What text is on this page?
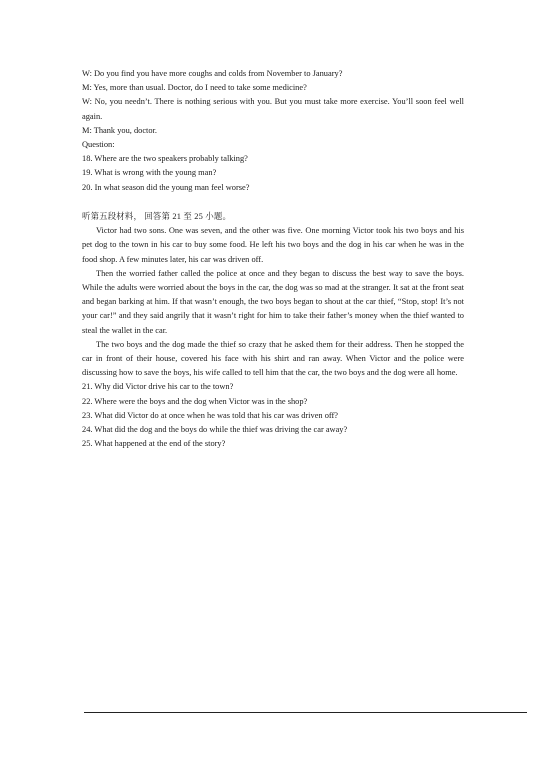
W: Do you find you have more coughs and colds from November to January?
M: Yes, more than usual. Doctor, do I need to take some medicine?
W: No, you needn’t. There is nothing serious with you. But you must take more exercise. You’ll soon feel well again.
M: Thank you, doctor.
Question:
18. Where are the two speakers probably talking?
19. What is wrong with the young man?
20. In what season did the young man feel worse?
听第五段材料， 回答第 21 至 25 小题。
Victor had two sons. One was seven, and the other was five. One morning Victor took his two boys and his pet dog to the town in his car to buy some food. He left his two boys and the dog in his car when he was in the food shop. A few minutes later, his car was driven off.
Then the worried father called the police at once and they began to discuss the best way to save the boys. While the adults were worried about the boys in the car, the dog was so mad at the stranger. It sat at the front seat and began barking at him. If that wasn’t enough, the two boys began to shout at the car thief, “Stop, stop! It’s not your car!” and they said angrily that it wasn’t right for him to take their father’s money when the thief wanted to steal the wallet in the car.
The two boys and the dog made the thief so crazy that he asked them for their address. Then he stopped the car in front of their house, covered his face with his shirt and ran away. When Victor and the police were discussing how to save the boys, his wife called to tell him that the car, the two boys and the dog were all home.
21. Why did Victor drive his car to the town?
22. Where were the boys and the dog when Victor was in the shop?
23. What did Victor do at once when he was told that his car was driven off?
24. What did the dog and the boys do while the thief was driving the car away?
25. What happened at the end of the story?
